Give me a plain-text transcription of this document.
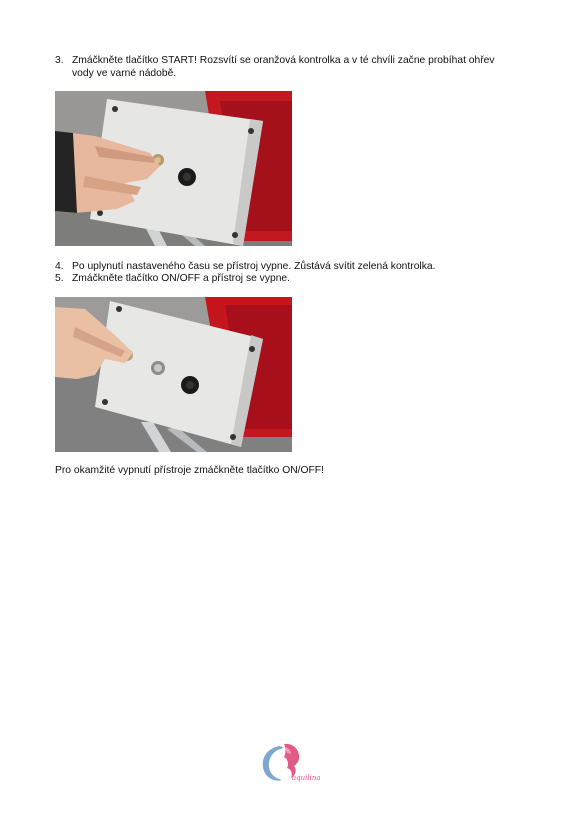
3. Zmáčkněte tlačítko START! Rozsvítí se oranžová kontrolka a v té chvíli začne probíhat ohřev
vody ve varné nádobě.
4. Po uplynutí nastaveného času se přístroj vypne. Zůstává svítit zelená kontrolka.
5. Zmáčkněte tlačítko ON/OFF a přístroj se vypne.
Pro okamžité vypnutí přístroje zmáčkněte tlačítko ON/OFF!
aquilina
